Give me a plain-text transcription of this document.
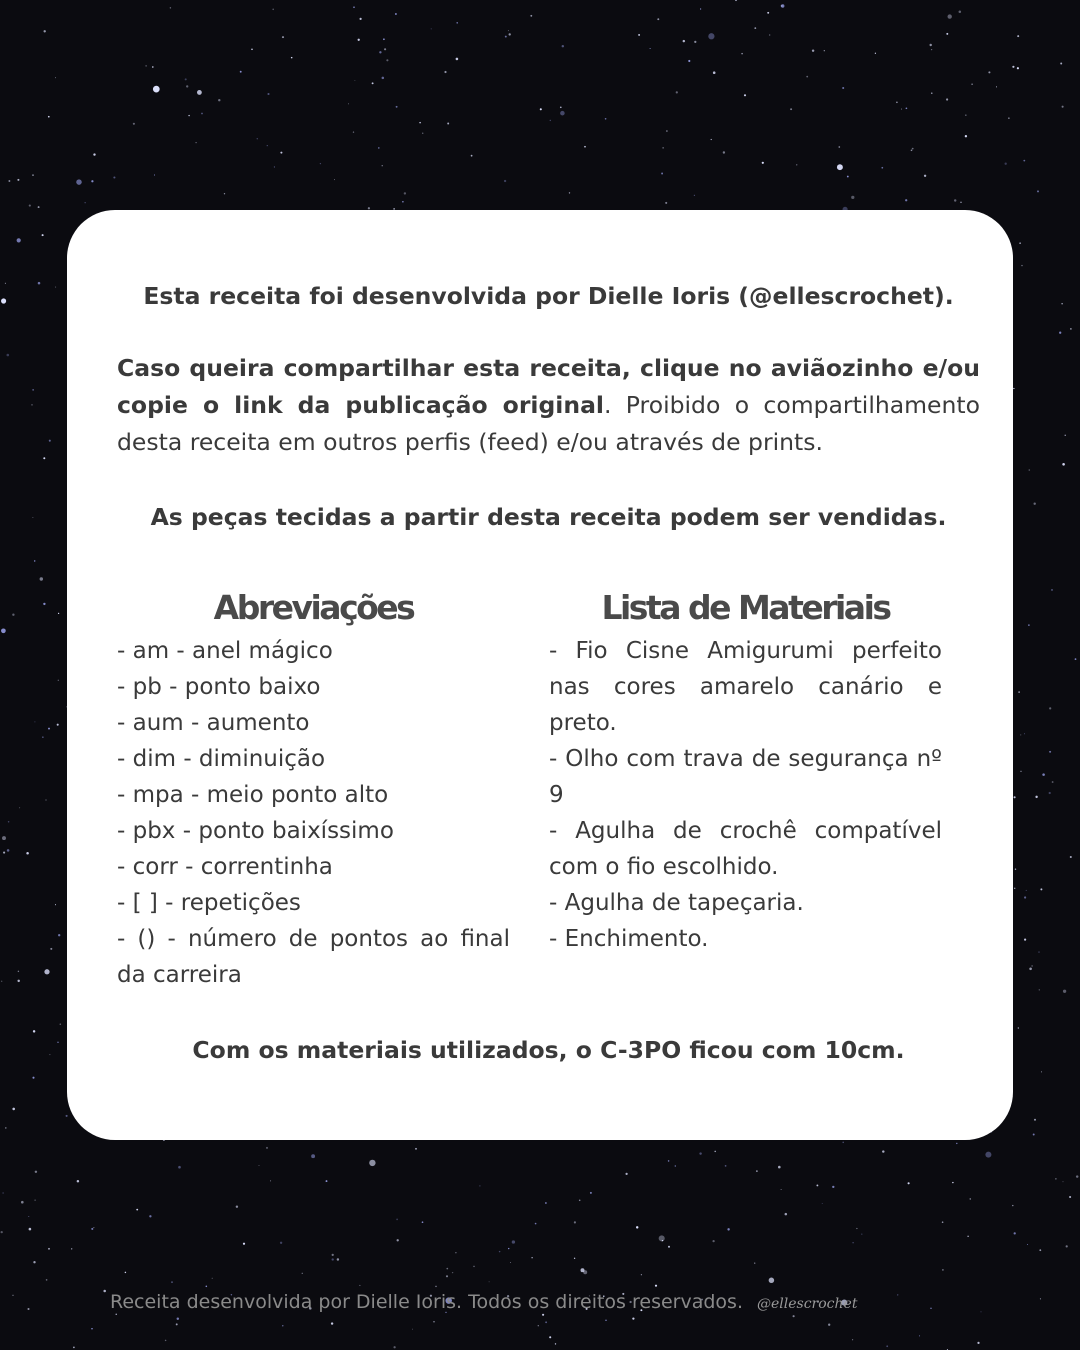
Esta receita foi desenvolvida por Dielle Ioris (@ellescrochet).

Caso queira compartilhar esta receita, clique no aviãozinho e/ou copie o link da publicação original. Proibido o compartilhamento desta receita em outros perfis (feed) e/ou através de prints.

As peças tecidas a partir desta receita podem ser vendidas.

Abreviações
- am - anel mágico
- pb - ponto baixo
- aum - aumento
- dim - diminuição
- mpa - meio ponto alto
- pbx - ponto baixíssimo
- corr - correntinha
- [ ] - repetições
- () - número de pontos ao final da carreira
Lista de Materiais
- Fio Cisne Amigurumi perfeito nas cores amarelo canário e preto.
- Olho com trava de segurança nº 9
- Agulha de crochê compatível com o fio escolhido.
- Agulha de tapeçaria.
- Enchimento.

Com os materiais utilizados, o C-3PO ficou com 10cm.

Receita desenvolvida por Dielle Ioris. Todos os direitos reservados. @ellescrochet
